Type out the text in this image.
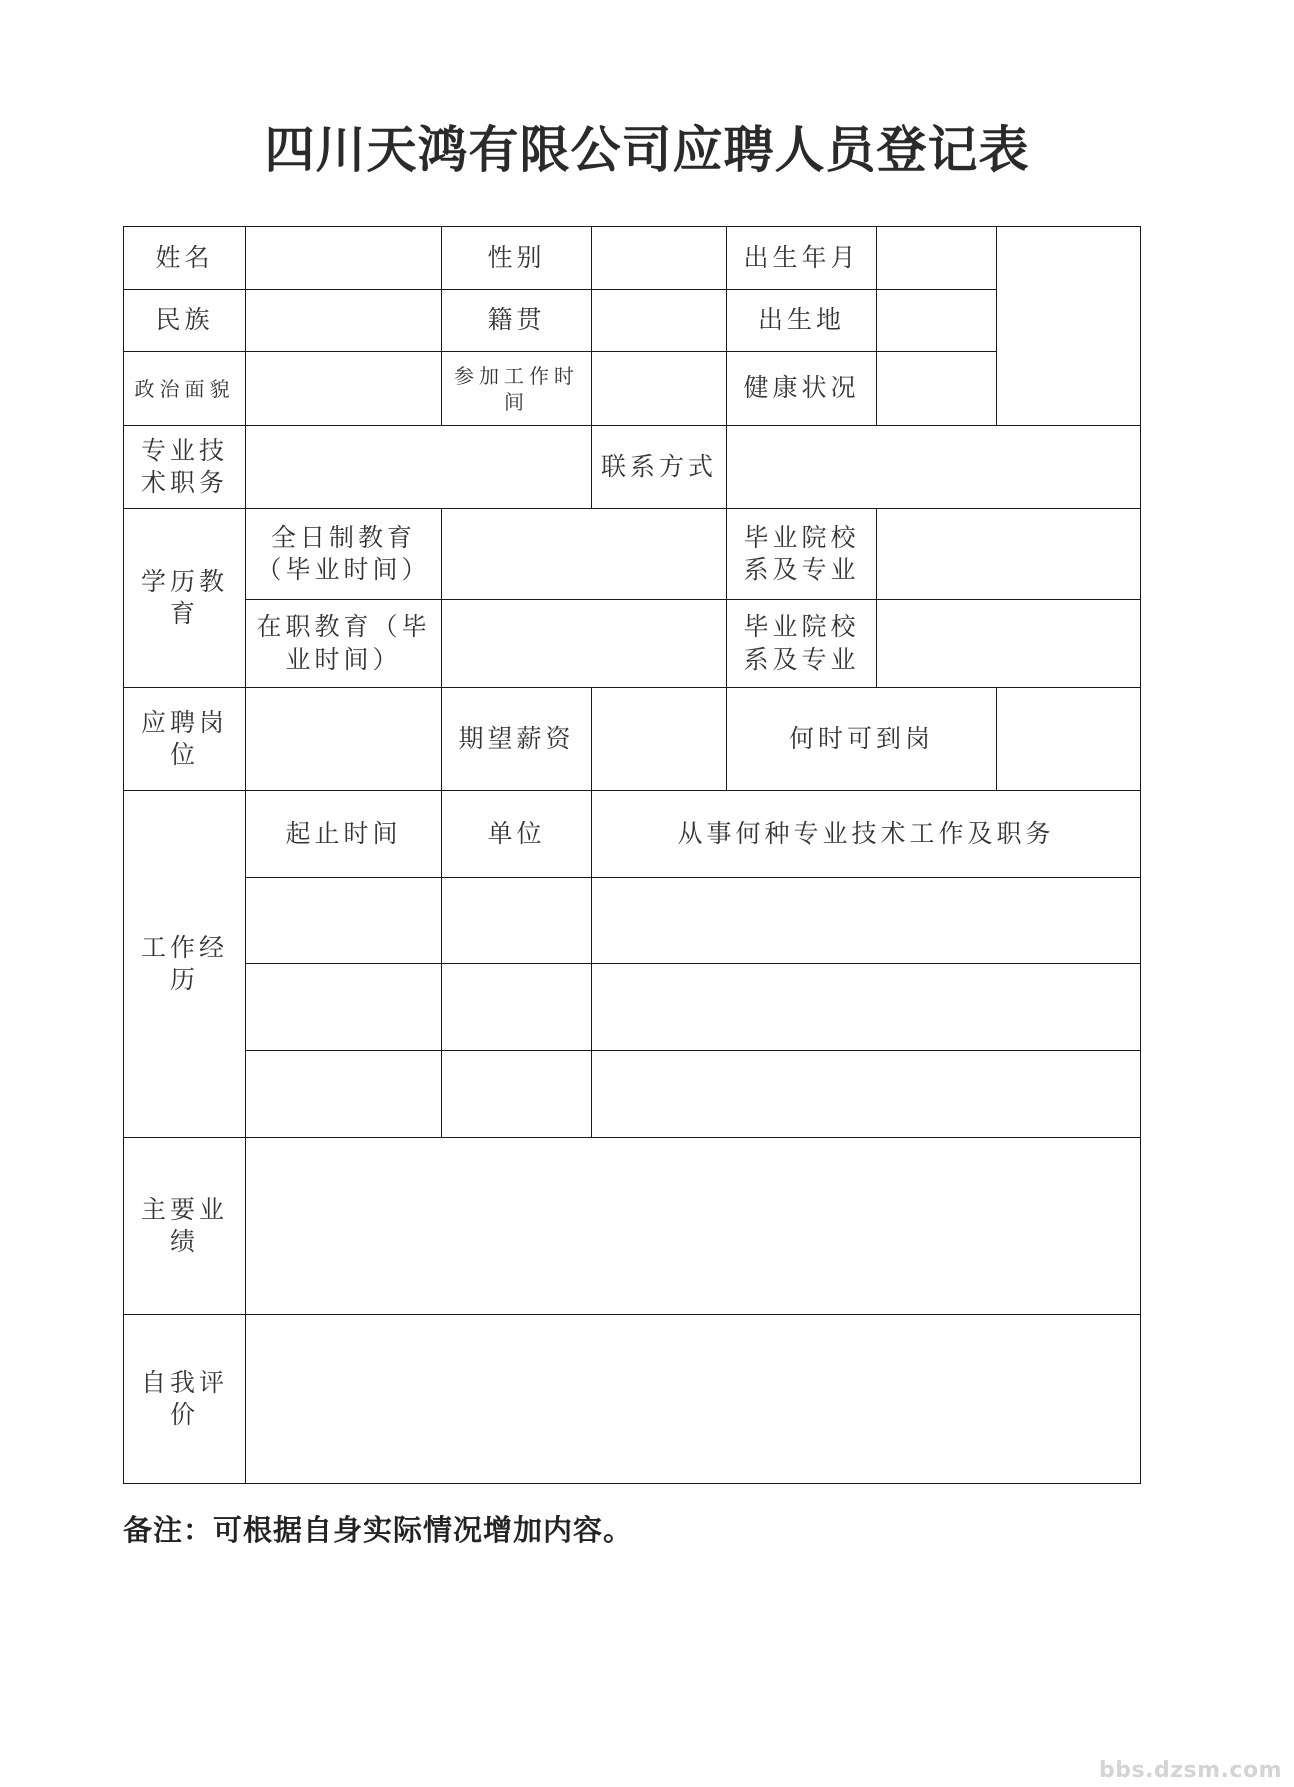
四川天鸿有限公司应聘人员登记表
姓名		性别		出生年月		
民族		籍贯		出生地		
政治面貌		参加工作时间		健康状况		
专业技术职务			联系方式			
学历教育	全日制教育（毕业时间）			毕业院校系及专业		
	在职教育（毕业时间）			毕业院校系及专业		
应聘岗位		期望薪资		何时可到岗		
工作经历	起止时间	单位	从事何种专业技术工作及职务			

主要业绩						
自我评价						
备注：可根据自身实际情况增加内容。
bbs.dzsm.com
